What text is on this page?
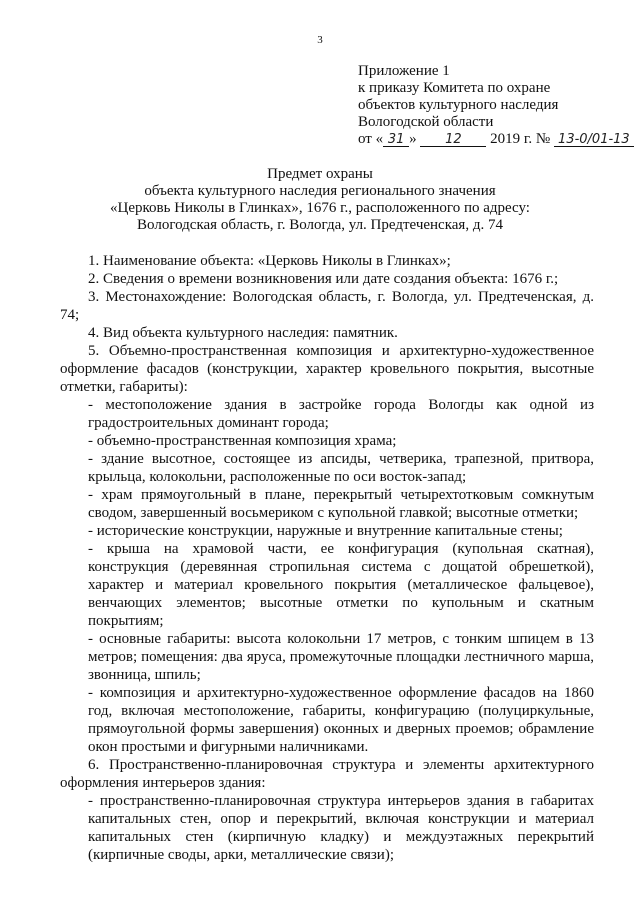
3
Приложение 1
к приказу Комитета по охране
объектов культурного наследия
Вологодской области
от « 31 » 12 2019 г. № 13-0/01-13
Предмет охраны
объекта культурного наследия регионального значения
«Церковь Николы в Глинках», 1676 г., расположенного по адресу:
Вологодская область, г. Вологда, ул. Предтеченская, д. 74

1. Наименование объекта: «Церковь Николы в Глинках»;

2. Сведения о времени возникновения или дате создания объекта: 1676 г.;

3. Местонахождение: Вологодская область, г. Вологда, ул. Предтеченская, д. 74;

4. Вид объекта культурного наследия: памятник.

5. Объемно-пространственная композиция и архитектурно-художественное оформление фасадов (конструкции, характер кровельного покрытия, высотные отметки, габариты):

- местоположение здания в застройке города Вологды как одной из градостроительных доминант города;

- объемно-пространственная композиция храма;

- здание высотное, состоящее из апсиды, четверика, трапезной, притвора, крыльца, колокольни, расположенные по оси восток-запад;

- храм прямоугольный в плане, перекрытый четырехтотковым сомкнутым сводом, завершенный восьмериком с купольной главкой; высотные отметки;

- исторические конструкции, наружные и внутренние капитальные стены;

- крыша на храмовой части, ее конфигурация (купольная скатная), конструкция (деревянная стропильная система с дощатой обрешеткой), характер и материал кровельного покрытия (металлическое фальцевое), венчающих элементов; высотные отметки по купольным и скатным покрытиям;

- основные габариты: высота колокольни 17 метров, с тонким шпицем в 13 метров; помещения: два яруса, промежуточные площадки лестничного марша, звонница, шпиль;

- композиция и архитектурно-художественное оформление фасадов на 1860 год, включая местоположение, габариты, конфигурацию (полуциркульные, прямоугольной формы завершения) оконных и дверных проемов; обрамление окон простыми и фигурными наличниками.

6. Пространственно-планировочная структура и элементы архитектурного оформления интерьеров здания:

- пространственно-планировочная структура интерьеров здания в габаритах капитальных стен, опор и перекрытий, включая конструкции и материал капитальных стен (кирпичную кладку) и междуэтажных перекрытий (кирпичные своды, арки, металлические связи);
